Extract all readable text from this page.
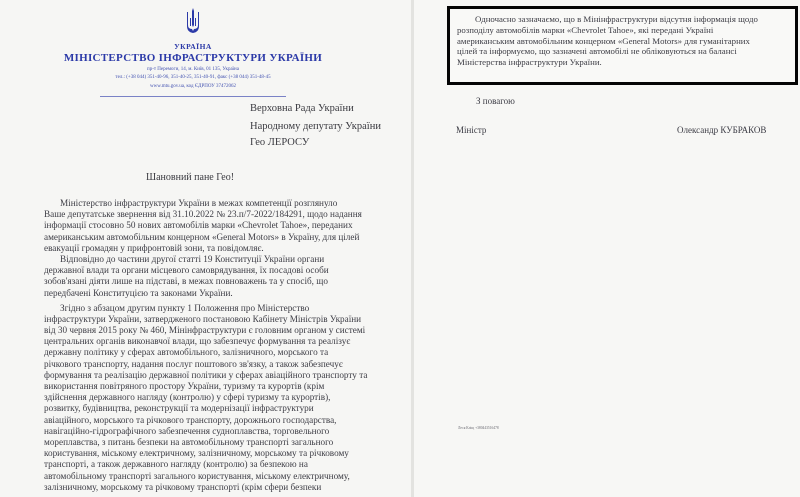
УКРАЇНА
МІНІСТЕРСТВО ІНФРАСТРУКТУРИ УКРАЇНИ
пр-т Перемоги, 14, м. Київ, 01 135, Україна
тел.: (+38 044) 351-40-96, 351-40-25, 351-40-91, факс (+38 044) 351-48-45
www.mtu.gov.ua, код ЄДРПОУ 37472062
Верховна Рада України
Народному депутату України
Гео ЛЕРОСУ
Шановний пане Гео!
Міністерство інфраструктури України в межах компетенції розглянуло
Ваше депутатське звернення від 31.10.2022 № 23.п/7-2022/184291, щодо надання
інформації стосовно 50 нових автомобілів марки «Chevrolet Tahoe», переданих
американським автомобільним концерном «General Motors» в Україну, для цілей
евакуації громадян у прифронтовій зони, та повідомляє.
Відповідно до частини другої статті 19 Конституції України органи
державної влади та органи місцевого самоврядування, їх посадові особи
зобов'язані діяти лише на підставі, в межах повноважень та у спосіб, що
передбачені Конституцією та законами України.
Згідно з абзацом другим пункту 1 Положення про Міністерство
інфраструктури України, затвердженого постановою Кабінету Міністрів України
від 30 червня 2015 року № 460, Мінінфраструктури є головним органом у системі
центральних органів виконавчої влади, що забезпечує формування та реалізує
державну політику у сферах автомобільного, залізничного, морського та
річкового транспорту, надання послуг поштового зв'язку, а також забезпечує
формування та реалізацію державної політики у сферах авіаційного транспорту та
використання повітряного простору України, туризму та курортів (крім
здійснення державного нагляду (контролю) у сфері туризму та курортів),
розвитку, будівництва, реконструкції та модернізації інфраструктури
авіаційного, морського та річкового транспорту, дорожнього господарства,
навігаційно-гідрографічного забезпечення судноплавства, торговельного
мореплавства, з питань безпеки на автомобільному транспорті загального
користування, міському електричному, залізничному, морському та річковому
транспорті, а також державного нагляду (контролю) за безпекою на
автомобільному транспорті загального користування, міському електричному,
залізничному, морському та річковому транспорті (крім сфери безпеки
Одночасно зазначаємо, що в Мінінфраструктури відсутня інформація щодо
розподілу автомобілів марки «Chevrolet Tahoe», які передані Україні
американським автомобільним концерном «General Motors» для гуманітарних
цілей та інформуємо, що зазначені автомобілі не обліковуються на балансі
Міністерства інфраструктури України.
З повагою
Міністр	Олександр КУБРАКОВ
Леся Кліщ +380443516478
